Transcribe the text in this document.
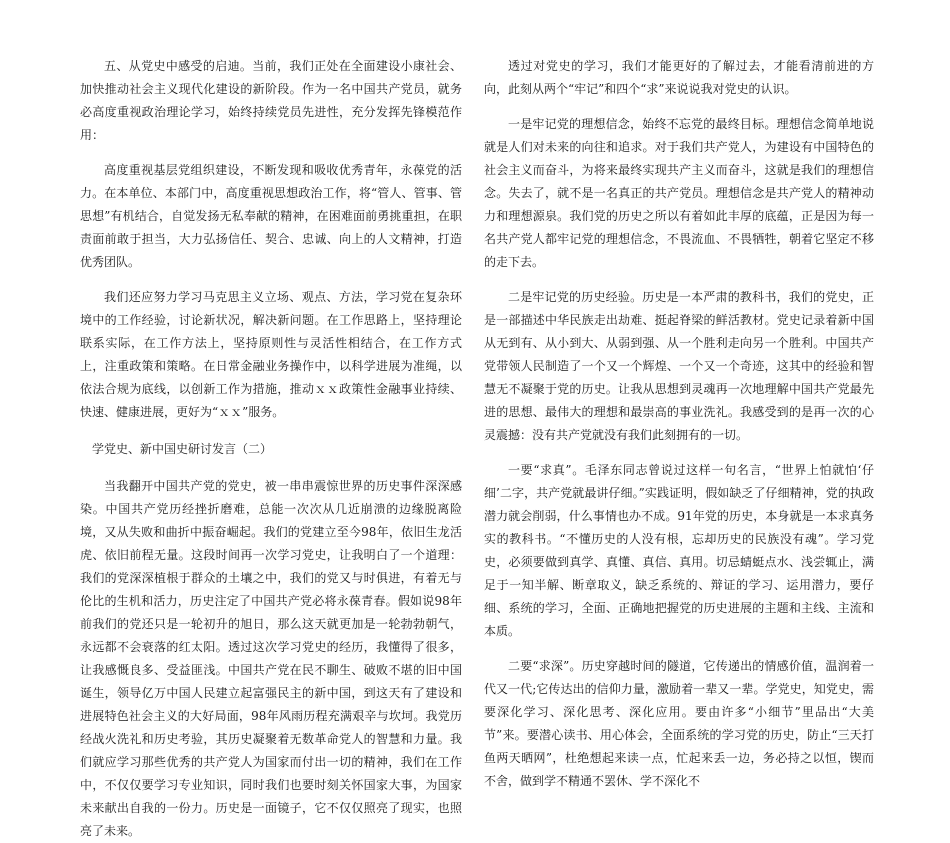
五、从党史中感受的启迪。当前，我们正处在全面建设小康社会、加快推动社会主义现代化建设的新阶段。作为一名中国共产党员，就务必高度重视政治理论学习，始终持续党员先进性，充分发挥先锋模范作用：

高度重视基层党组织建设，不断发现和吸收优秀青年，永葆党的活力。在本单位、本部门中，高度重视思想政治工作，将“管人、管事、管思想”有机结合，自觉发扬无私奉献的精神，在困难面前勇挑重担，在职责面前敢于担当，大力弘扬信任、契合、忠诚、向上的人文精神，打造优秀团队。

我们还应努力学习马克思主义立场、观点、方法，学习党在复杂环境中的工作经验，讨论新状况，解决新问题。在工作思路上，坚持理论联系实际，在工作方法上，坚持原则性与灵活性相结合，在工作方式上，注重政策和策略。在日常金融业务操作中，以科学进展为准绳，以依法合规为底线，以创新工作为措施，推动ｘｘ政策性金融事业持续、快速、健康进展，更好为“ｘｘ”服务。

学党史、新中国史研讨发言（二）

当我翻开中国共产党的党史，被一串串震惊世界的历史事件深深感染。中国共产党历经挫折磨难，总能一次次从几近崩溃的边缘脱离险境，又从失败和曲折中振奋崛起。我们的党建立至今98年，依旧生龙活虎、依旧前程无量。这段时间再一次学习党史，让我明白了一个道理：我们的党深深植根于群众的土壤之中，我们的党又与时俱进，有着无与伦比的生机和活力，历史注定了中国共产党必将永葆青春。假如说98年前我们的党还只是一轮初升的旭日，那么这天就更加是一轮勃勃朝气，永远都不会衰落的红太阳。透过这次学习党史的经历，我懂得了很多，让我感慨良多、受益匪浅。中国共产党在民不聊生、破败不堪的旧中国诞生，领导亿万中国人民建立起富强民主的新中国，到这天有了建设和进展特色社会主义的大好局面，98年风雨历程充满艰辛与坎坷。我党历经战火洗礼和历史考验，其历史凝聚着无数革命党人的智慧和力量。我们就应学习那些优秀的共产党人为国家而付出一切的精神，我们在工作中，不仅仅要学习专业知识，同时我们也要时刻关怀国家大事，为国家未来献出自我的一份力。历史是一面镜子，它不仅仅照亮了现实，也照亮了未来。

透过对党史的学习，我们才能更好的了解过去，才能看清前进的方向，此刻从两个“牢记”和四个“求”来说说我对党史的认识。

一是牢记党的理想信念，始终不忘党的最终目标。理想信念简单地说就是人们对未来的向往和追求。对于我们共产党人，为建设有中国特色的社会主义而奋斗，为将来最终实现共产主义而奋斗，这就是我们的理想信念。失去了，就不是一名真正的共产党员。理想信念是共产党人的精神动力和理想源泉。我们党的历史之所以有着如此丰厚的底蕴，正是因为每一名共产党人都牢记党的理想信念，不畏流血、不畏牺牲，朝着它坚定不移的走下去。

二是牢记党的历史经验。历史是一本严肃的教科书，我们的党史，正是一部描述中华民族走出劫难、挺起脊梁的鲜活教材。党史记录着新中国从无到有、从小到大、从弱到强、从一个胜利走向另一个胜利。中国共产党带领人民制造了一个又一个辉煌、一个又一个奇迹，这其中的经验和智慧无不凝聚于党的历史。让我从思想到灵魂再一次地理解中国共产党最先进的思想、最伟大的理想和最崇高的事业洗礼。我感受到的是再一次的心灵震撼：没有共产党就没有我们此刻拥有的一切。

一要“求真”。毛泽东同志曾说过这样一句名言，“世界上怕就怕‘仔细’二字，共产党就最讲仔细。”实践证明，假如缺乏了仔细精神，党的执政潜力就会削弱，什么事情也办不成。91年党的历史，本身就是一本求真务实的教科书。“不懂历史的人没有根，忘却历史的民族没有魂”。学习党史，必须要做到真学、真懂、真信、真用。切忌蜻蜓点水、浅尝辄止，满足于一知半解、断章取义，缺乏系统的、辩证的学习、运用潜力，要仔细、系统的学习，全面、正确地把握党的历史进展的主题和主线、主流和本质。

二要“求深”。历史穿越时间的隧道，它传递出的情感价值，温润着一代又一代;它传达出的信仰力量，激励着一辈又一辈。学党史，知党史，需要深化学习、深化思考、深化应用。要由许多“小细节”里品出“大美节”来。要潜心读书、用心体会，全面系统的学习党的历史，防止“三天打鱼两天晒网”，杜绝想起来读一点，忙起来丢一边，务必持之以恒，锲而不舍，做到学不精通不罢休、学不深化不
